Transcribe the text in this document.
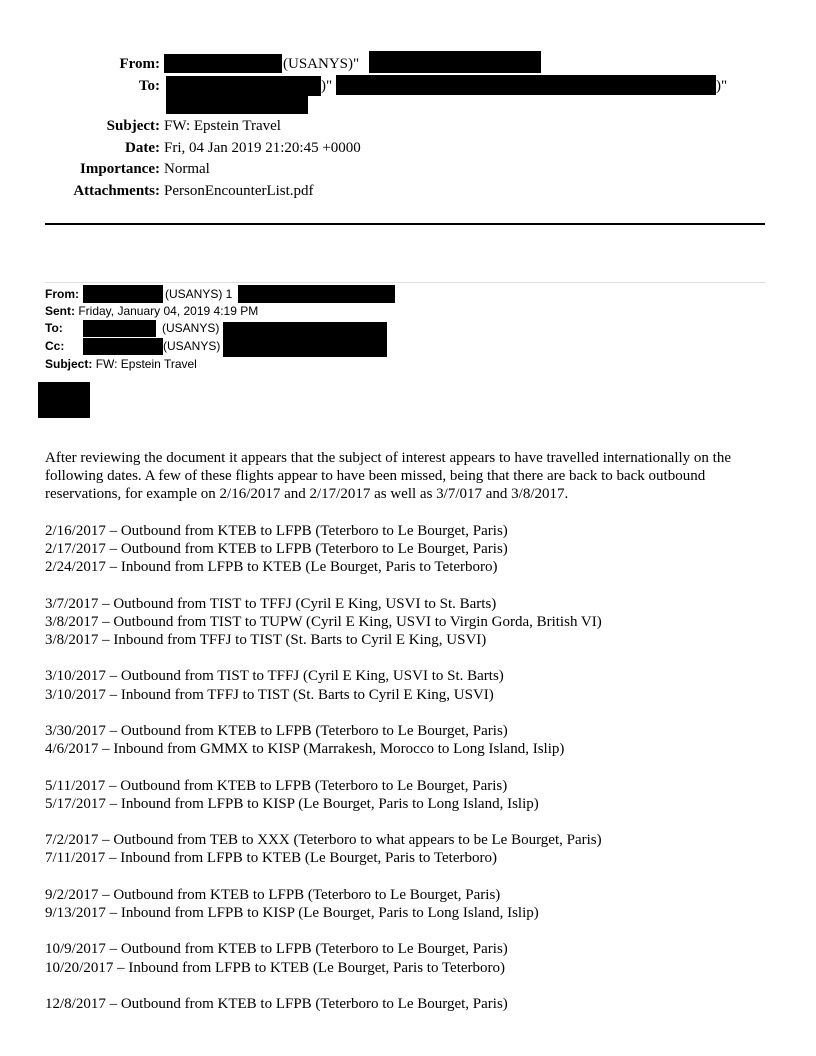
From:	(USANYS)"
To:	)"	)"
Subject: FW: Epstein Travel
Date: Fri, 04 Jan 2019 21:20:45 +0000
Importance: Normal
Attachments: PersonEncounterList.pdf
From:	(USANYS) 1
Sent: Friday, January 04, 2019 4:19 PM
To:	(USANYS)
Cc:	(USANYS) <
Subject: FW: Epstein Travel

After reviewing the document it appears that the subject of interest appears to have travelled internationally on the following dates. A few of these flights appear to have been missed, being that there are back to back outbound reservations, for example on 2/16/2017 and 2/17/2017 as well as 3/7/017 and 3/8/2017.

2/16/2017 – Outbound from KTEB to LFPB (Teterboro to Le Bourget, Paris)
2/17/2017 – Outbound from KTEB to LFPB (Teterboro to Le Bourget, Paris)
2/24/2017 – Inbound from LFPB to KTEB (Le Bourget, Paris to Teterboro)
3/7/2017 – Outbound from TIST to TFFJ (Cyril E King, USVI to St. Barts)
3/8/2017 – Outbound from TIST to TUPW (Cyril E King, USVI to Virgin Gorda, British VI)
3/8/2017 – Inbound from TFFJ to TIST (St. Barts to Cyril E King, USVI)
3/10/2017 – Outbound from TIST to TFFJ (Cyril E King, USVI to St. Barts)
3/10/2017 – Inbound from TFFJ to TIST (St. Barts to Cyril E King, USVI)
3/30/2017 – Outbound from KTEB to LFPB (Teterboro to Le Bourget, Paris)
4/6/2017 – Inbound from GMMX to KISP (Marrakesh, Morocco to Long Island, Islip)
5/11/2017 – Outbound from KTEB to LFPB (Teterboro to Le Bourget, Paris)
5/17/2017 – Inbound from LFPB to KISP (Le Bourget, Paris to Long Island, Islip)
7/2/2017 – Outbound from TEB to XXX (Teterboro to what appears to be Le Bourget, Paris)
7/11/2017 – Inbound from LFPB to KTEB (Le Bourget, Paris to Teterboro)
9/2/2017 – Outbound from KTEB to LFPB (Teterboro to Le Bourget, Paris)
9/13/2017 – Inbound from LFPB to KISP (Le Bourget, Paris to Long Island, Islip)
10/9/2017 – Outbound from KTEB to LFPB (Teterboro to Le Bourget, Paris)
10/20/2017 – Inbound from LFPB to KTEB (Le Bourget, Paris to Teterboro)
12/8/2017 – Outbound from KTEB to LFPB (Teterboro to Le Bourget, Paris)
